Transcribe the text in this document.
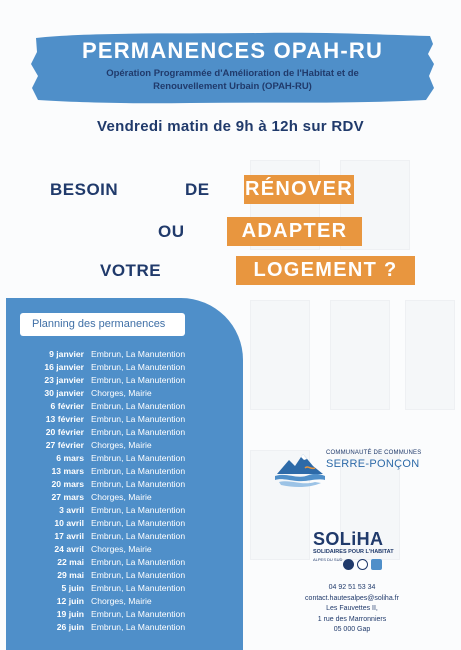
PERMANENCES OPAH-RU
Opération Programmée d'Amélioration de l'Habitat et de
Renouvellement Urbain (OPAH-RU)
Vendredi matin de 9h à 12h sur RDV
BESOIN	DE RÉNOVER
OU	ADAPTER
VOTRE	LOGEMENT ?
Planning des permanences
9 janvier Embrun, La Manutention
16 janvier Embrun, La Manutention
23 janvier Embrun, La Manutention
30 janvier Chorges, Mairie
6 février Embrun, La Manutention
13 février Embrun, La Manutention
20 février Embrun, La Manutention
27 février Chorges, Mairie
6 mars Embrun, La Manutention
13 mars Embrun, La Manutention
20 mars Embrun, La Manutention
27 mars Chorges, Mairie
3 avril Embrun, La Manutention
10 avril Embrun, La Manutention
17 avril Embrun, La Manutention
24 avril Chorges, Mairie
22 mai Embrun, La Manutention
29 mai Embrun, La Manutention
5 juin Embrun, La Manutention
12 juin Chorges, Mairie
19 juin Embrun, La Manutention
26 juin Embrun, La Manutention
COMMUNAUTÉ DE COMMUNES
SERRE-PONÇON
SOLiHA
SOLIDAIRES POUR L'HABITAT
ALPES DU SUD
04 92 51 53 34
contact.hautesalpes@soliha.fr
Les Fauvettes II,
1 rue des Marronniers
05 000 Gap
